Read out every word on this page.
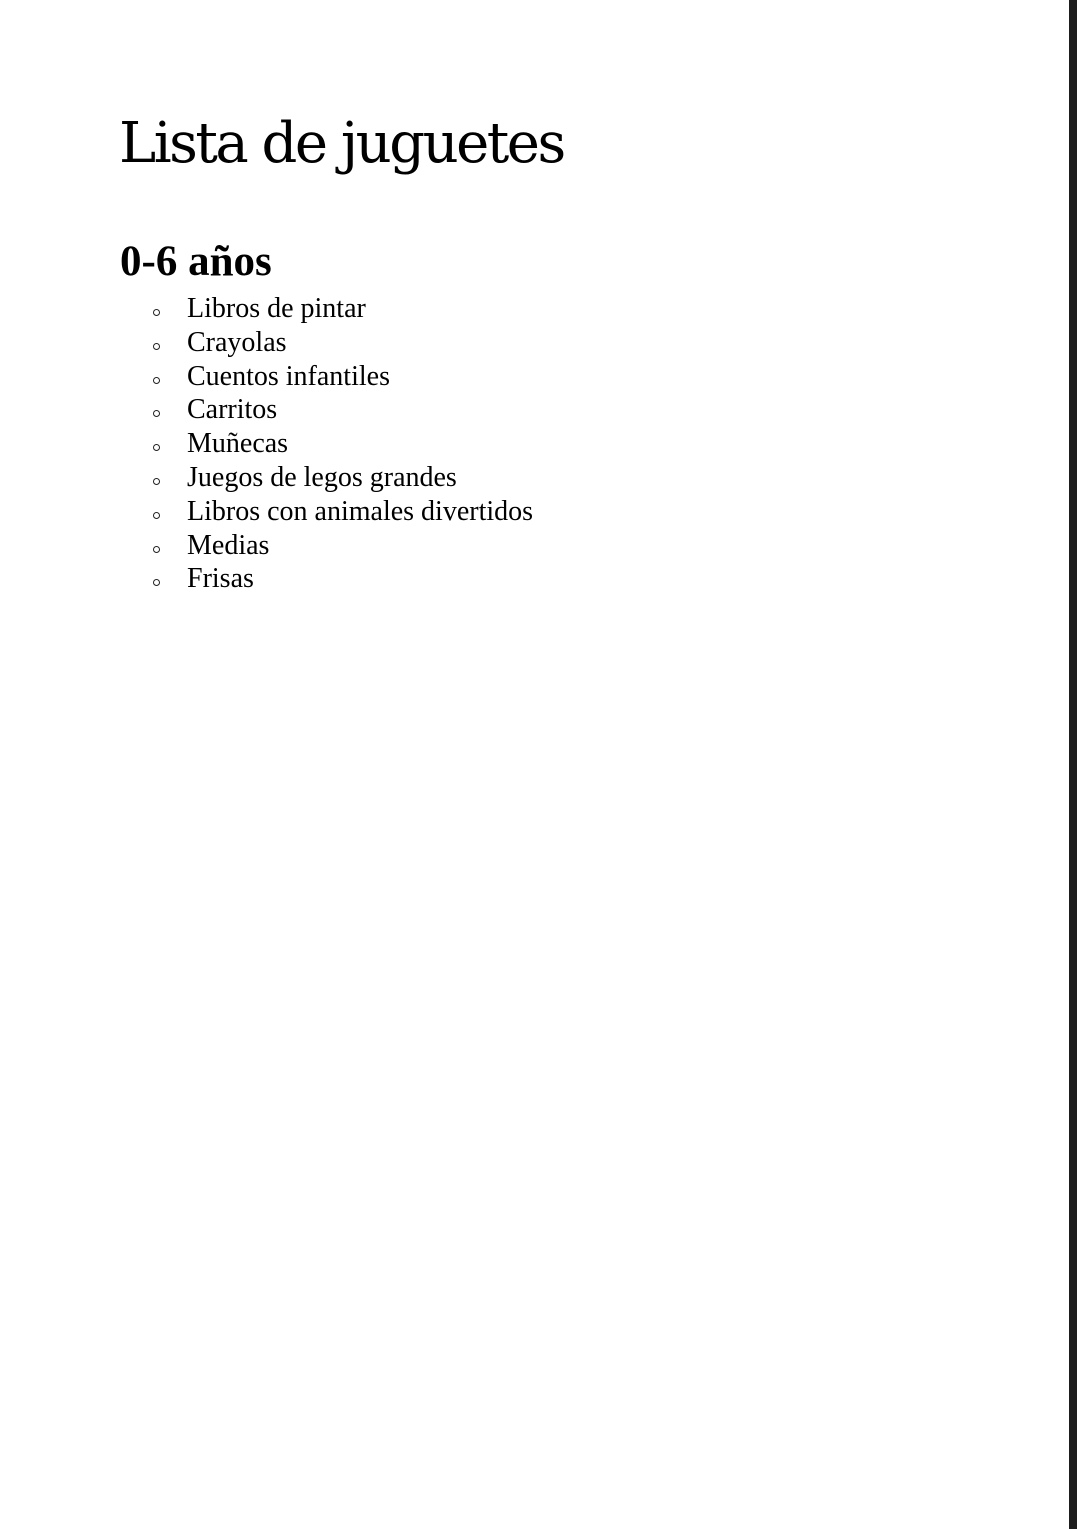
Lista de juguetes
0-6 años
Libros de pintar
Crayolas
Cuentos infantiles
Carritos
Muñecas
Juegos de legos grandes
Libros con animales divertidos
Medias
Frisas
